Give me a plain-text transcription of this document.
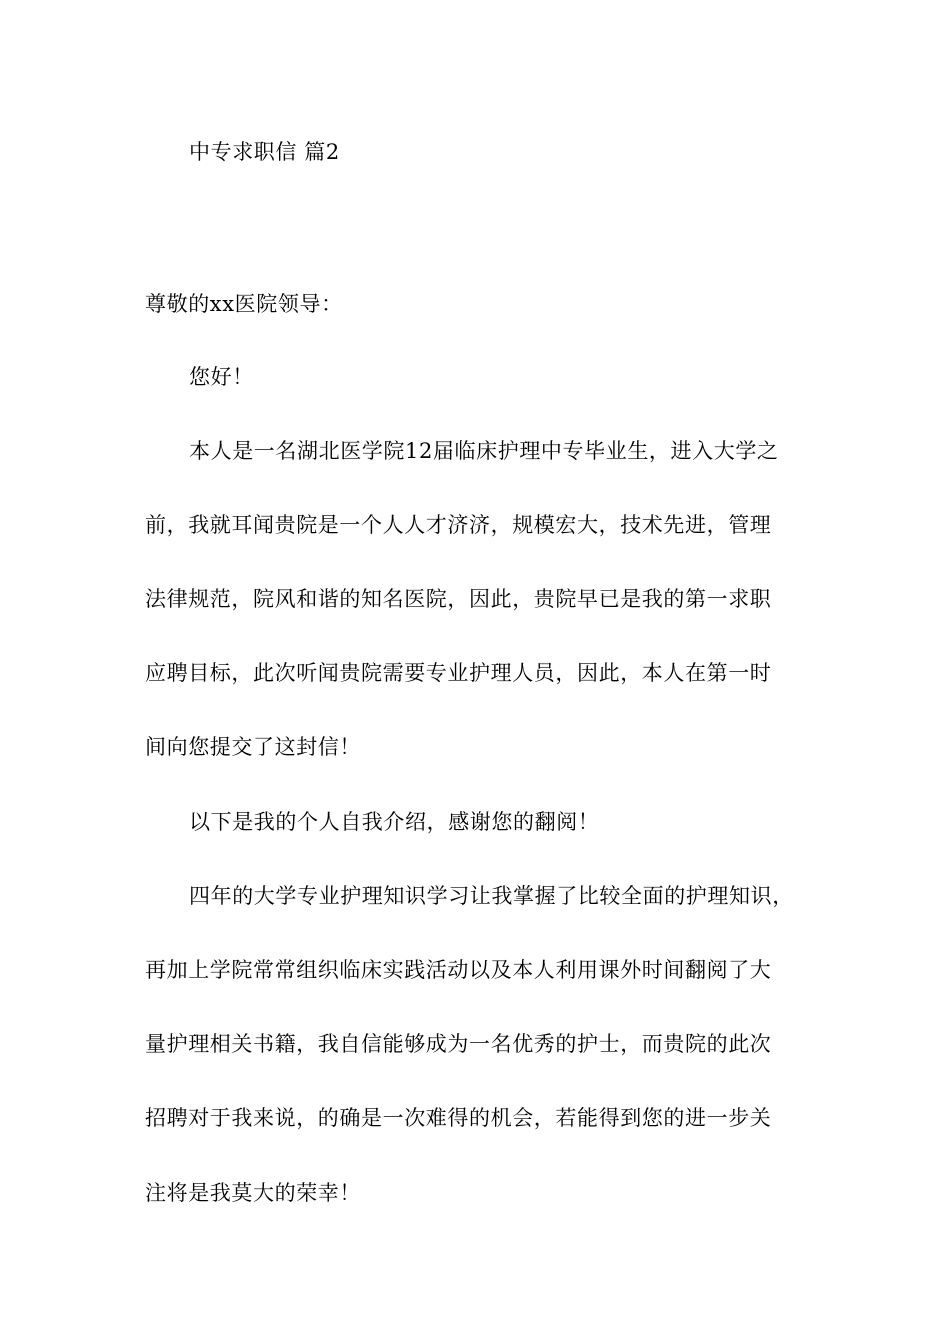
中专求职信 篇2
尊敬的xx医院领导：
您好！
本人是一名湖北医学院12届临床护理中专毕业生，进入大学之
前，我就耳闻贵院是一个人人才济济，规模宏大，技术先进，管理
法律规范，院风和谐的知名医院，因此，贵院早已是我的第一求职
应聘目标，此次听闻贵院需要专业护理人员，因此，本人在第一时
间向您提交了这封信！
以下是我的个人自我介绍，感谢您的翻阅！
四年的大学专业护理知识学习让我掌握了比较全面的护理知识，
再加上学院常常组织临床实践活动以及本人利用课外时间翻阅了大
量护理相关书籍，我自信能够成为一名优秀的护士，而贵院的此次
招聘对于我来说，的确是一次难得的机会，若能得到您的进一步关
注将是我莫大的荣幸！
